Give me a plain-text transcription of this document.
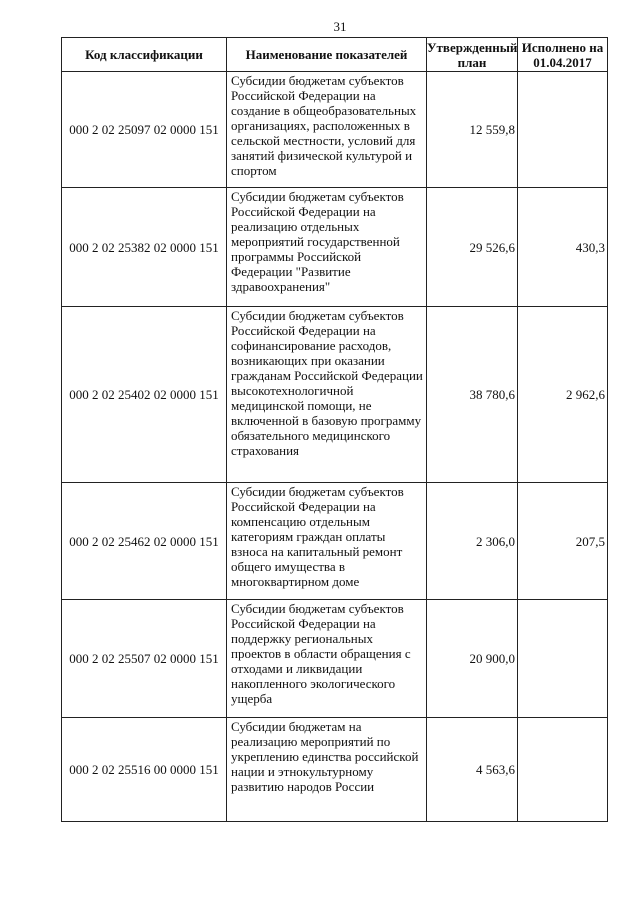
31
Код классификации	Наименование показателей	Утвержденный план	Исполнено на 01.04.2017
000 2 02 25097 02 0000 151	Субсидии бюджетам субъектов Российской Федерации на создание в общеобразовательных организациях, расположенных в сельской местности, условий для занятий физической культурой и спортом	12 559,8	
000 2 02 25382 02 0000 151	Субсидии бюджетам субъектов Российской Федерации на реализацию отдельных мероприятий государственной программы Российской Федерации "Развитие здравоохранения"	29 526,6	430,3
000 2 02 25402 02 0000 151	Субсидии бюджетам субъектов Российской Федерации на софинансирование расходов, возникающих при оказании гражданам Российской Федерации высокотехнологичной медицинской помощи, не включенной в базовую программу обязательного медицинского страхования	38 780,6	2 962,6
000 2 02 25462 02 0000 151	Субсидии бюджетам субъектов Российской Федерации на компенсацию отдельным категориям граждан оплаты взноса на капитальный ремонт общего имущества в многоквартирном доме	2 306,0	207,5
000 2 02 25507 02 0000 151	Субсидии бюджетам субъектов Российской Федерации на поддержку региональных проектов в области обращения с отходами и ликвидации накопленного экологического ущерба	20 900,0	
000 2 02 25516 00 0000 151	Субсидии бюджетам на реализацию мероприятий по укреплению единства российской нации и этнокультурному развитию народов России	4 563,6	
